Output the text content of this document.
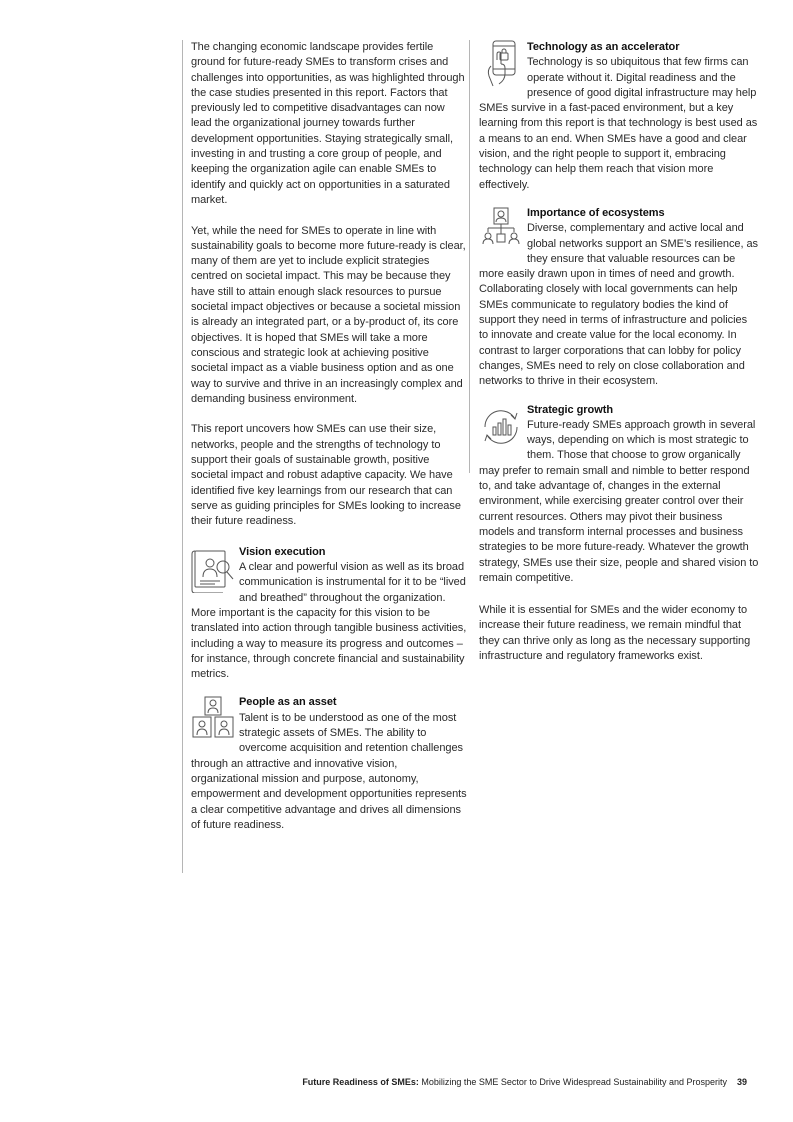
The changing economic landscape provides fertile ground for future-ready SMEs to transform crises and challenges into opportunities, as was highlighted through the case studies presented in this report. Factors that previously led to competitive disadvantages can now lead the organizational journey towards further development opportunities. Staying strategically small, investing in and trusting a core group of people, and keeping the organization agile can enable SMEs to identify and quickly act on opportunities in a saturated market.

Yet, while the need for SMEs to operate in line with sustainability goals to become more future-ready is clear, many of them are yet to include explicit strategies centred on societal impact. This may be because they have still to attain enough slack resources to pursue societal impact objectives or because a societal mission is already an integrated part, or a by-product of, its core objectives. It is hoped that SMEs will take a more conscious and strategic look at achieving positive societal impact as a viable business option and as one way to survive and thrive in an increasingly complex and demanding business environment.

This report uncovers how SMEs can use their size, networks, people and the strengths of technology to support their goals of sustainable growth, positive societal impact and robust adaptive capacity. We have identified five key learnings from our research that can serve as guiding principles for SMEs looking to increase their future readiness.

Vision execution
A clear and powerful vision as well as its broad communication is instrumental for it to be “lived and breathed” throughout the organization. More important is the capacity for this vision to be translated into action through tangible business activities, including a way to measure its progress and outcomes – for instance, through concrete financial and sustainability metrics.
People as an asset
Talent is to be understood as one of the most strategic assets of SMEs. The ability to overcome acquisition and retention challenges through an attractive and innovative vision, organizational mission and purpose, autonomy, empowerment and development opportunities represents a clear competitive advantage and drives all dimensions of future readiness.
Technology as an accelerator
Technology is so ubiquitous that few firms can operate without it. Digital readiness and the presence of good digital infrastructure may help SMEs survive in a fast-paced environment, but a key learning from this report is that technology is best used as a means to an end. When SMEs have a good and clear vision, and the right people to support it, embracing technology can help them reach that vision more effectively.
Importance of ecosystems
Diverse, complementary and active local and global networks support an SME’s resilience, as they ensure that valuable resources can be more easily drawn upon in times of need and growth. Collaborating closely with local governments can help SMEs communicate to regulatory bodies the kind of support they need in terms of infrastructure and policies to innovate and create value for the local economy. In contrast to larger corporations that can lobby for policy changes, SMEs need to rely on close collaboration and networks to thrive in their ecosystem.
Strategic growth
Future-ready SMEs approach growth in several ways, depending on which is most strategic to them. Those that choose to grow organically may prefer to remain small and nimble to better respond to, and take advantage of, changes in the external environment, while exercising greater control over their current resources. Others may pivot their business models and transform internal processes and business strategies to be more future-ready. Whatever the growth strategy, SMEs use their size, people and shared vision to remain competitive.

While it is essential for SMEs and the wider economy to increase their future readiness, we remain mindful that they can thrive only as long as the necessary supporting infrastructure and regulatory frameworks exist.

Future Readiness of SMEs: Mobilizing the SME Sector to Drive Widespread Sustainability and Prosperity 39
